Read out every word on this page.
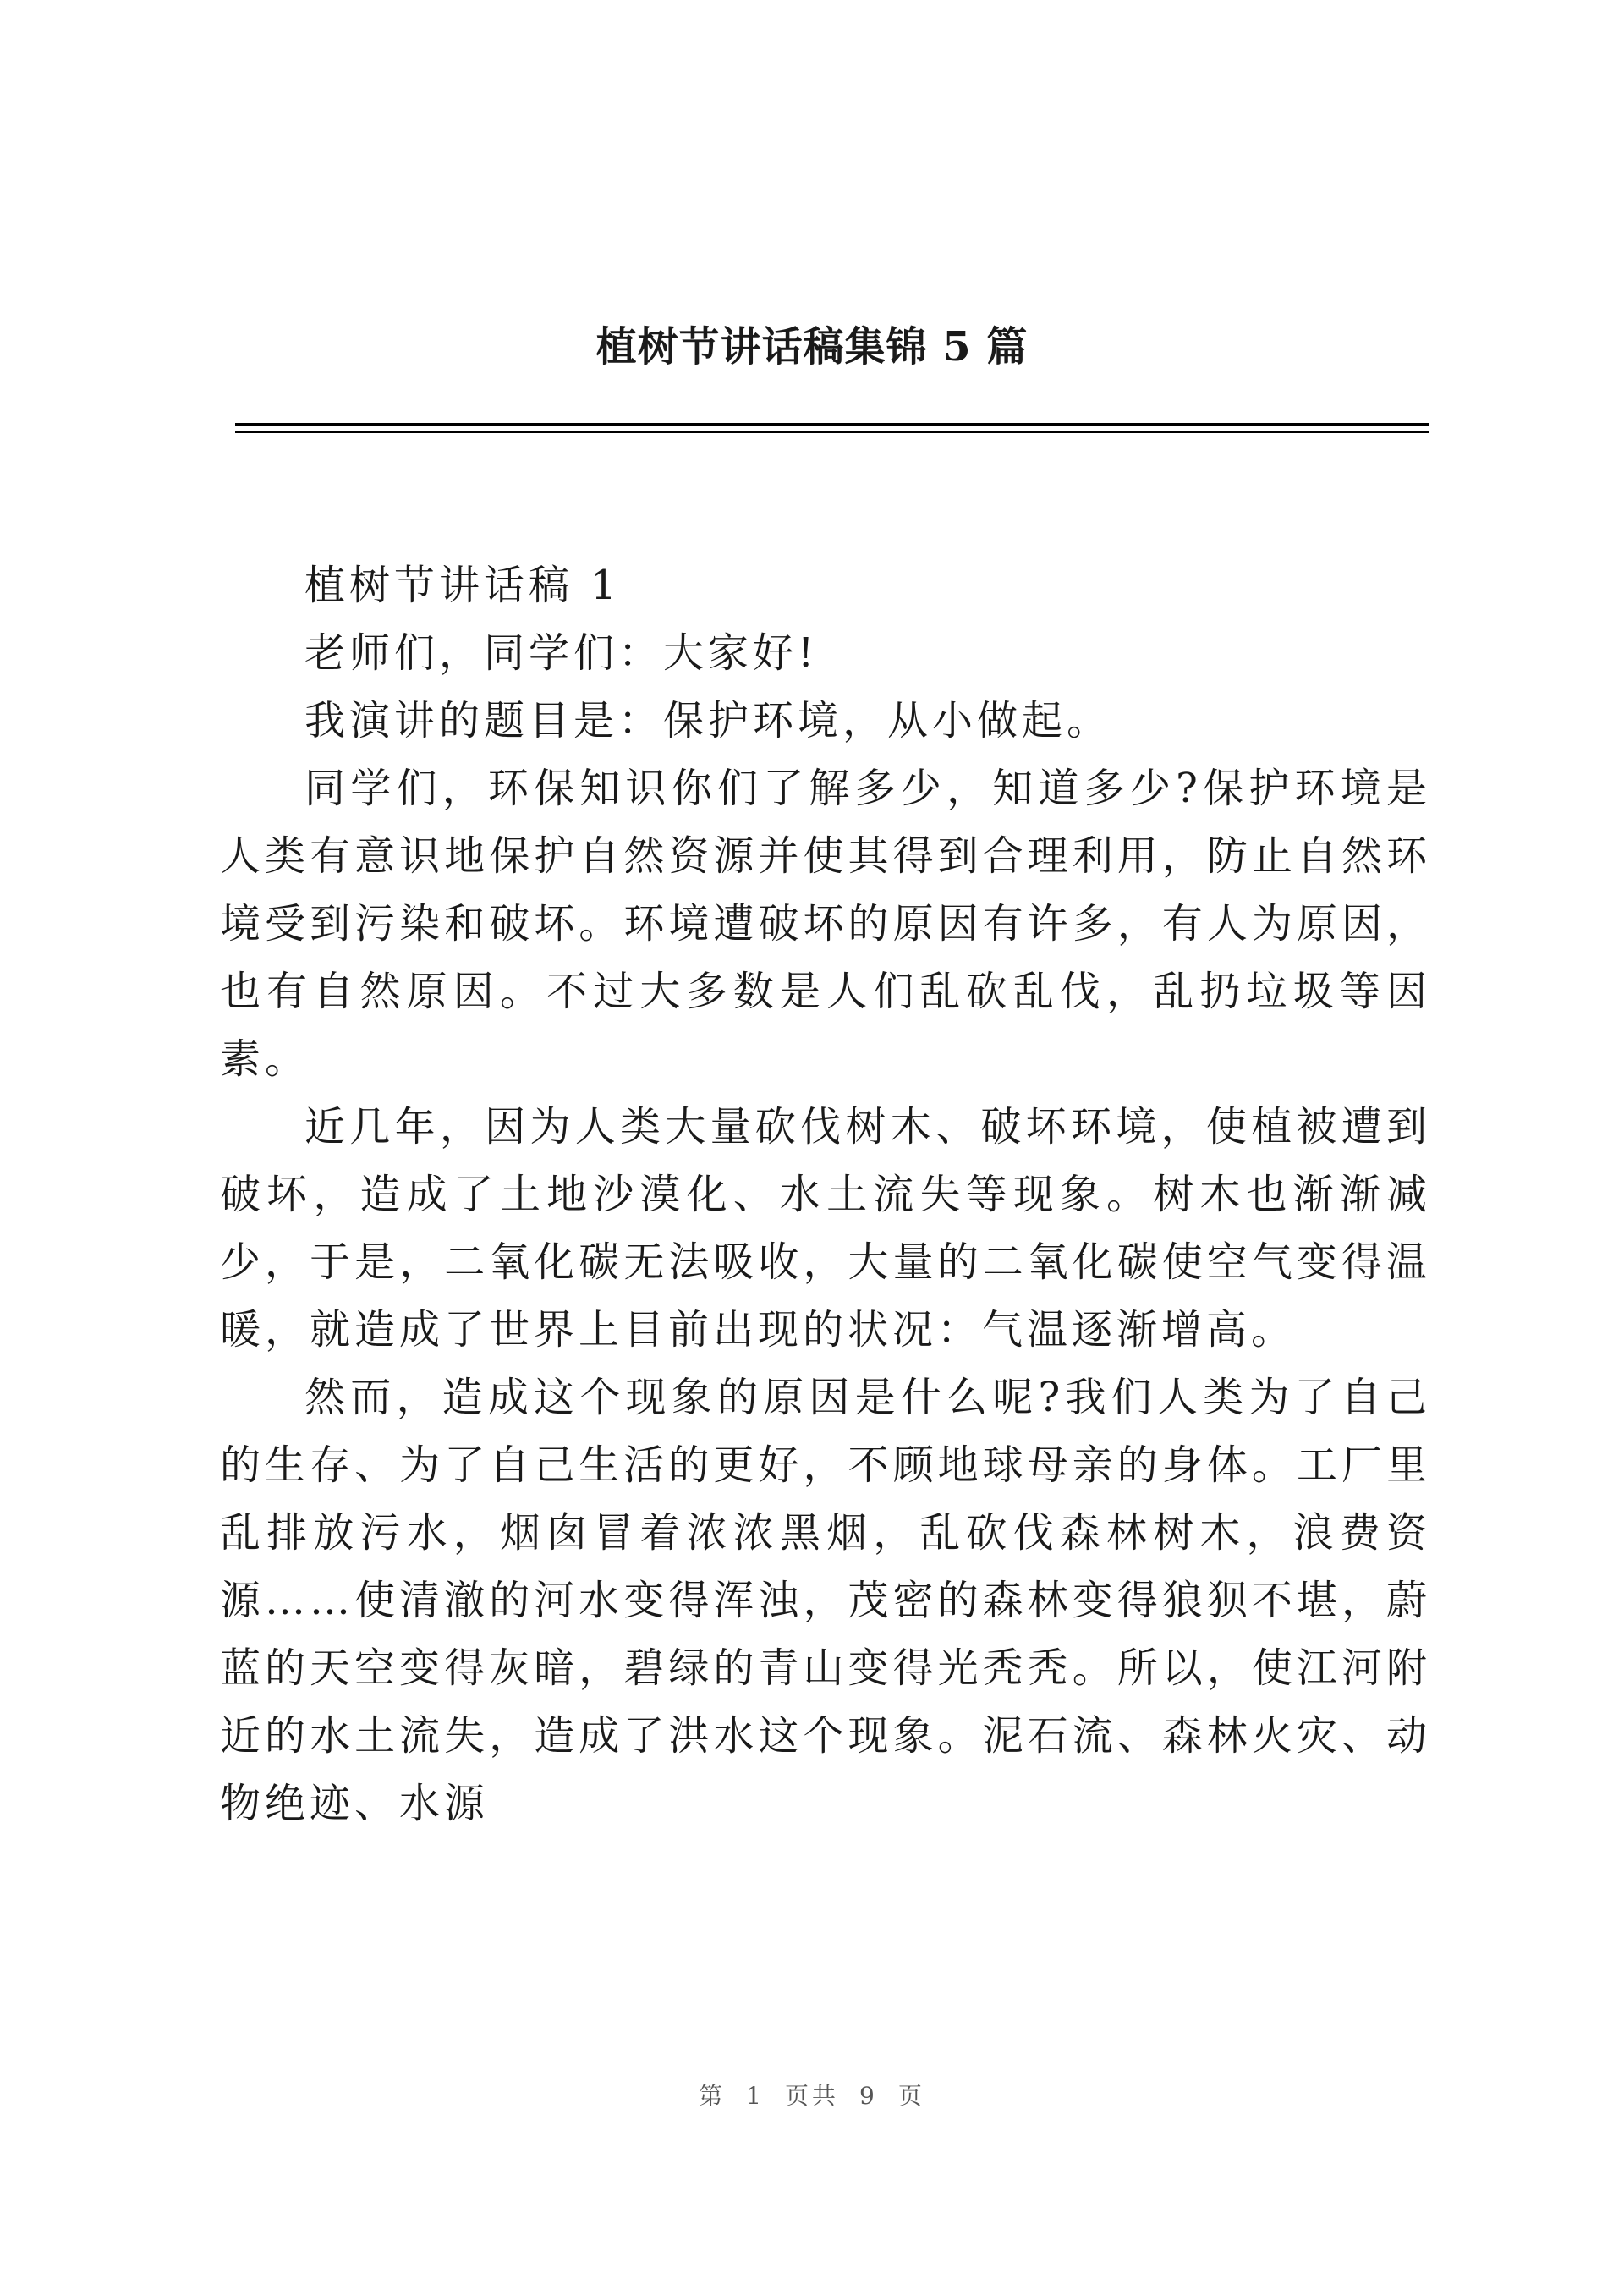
植树节讲话稿集锦 5 篇

植树节讲话稿 1

老师们，同学们：大家好!

我演讲的题目是：保护环境，从小做起。

同学们，环保知识你们了解多少，知道多少?保护环境是人类有意识地保护自然资源并使其得到合理利用，防止自然环境受到污染和破坏。环境遭破坏的原因有许多，有人为原因，也有自然原因。不过大多数是人们乱砍乱伐，乱扔垃圾等因素。

近几年，因为人类大量砍伐树木、破坏环境，使植被遭到破坏，造成了土地沙漠化、水土流失等现象。树木也渐渐减少，于是，二氧化碳无法吸收，大量的二氧化碳使空气变得温暖，就造成了世界上目前出现的状况：气温逐渐增高。

然而，造成这个现象的原因是什么呢?我们人类为了自己的生存、为了自己生活的更好，不顾地球母亲的身体。工厂里乱排放污水，烟囱冒着浓浓黑烟，乱砍伐森林树木，浪费资源……使清澈的河水变得浑浊，茂密的森林变得狼狈不堪，蔚蓝的天空变得灰暗，碧绿的青山变得光秃秃。所以，使江河附近的水土流失，造成了洪水这个现象。泥石流、森林火灾、动物绝迹、水源

第 1 页共 9 页
